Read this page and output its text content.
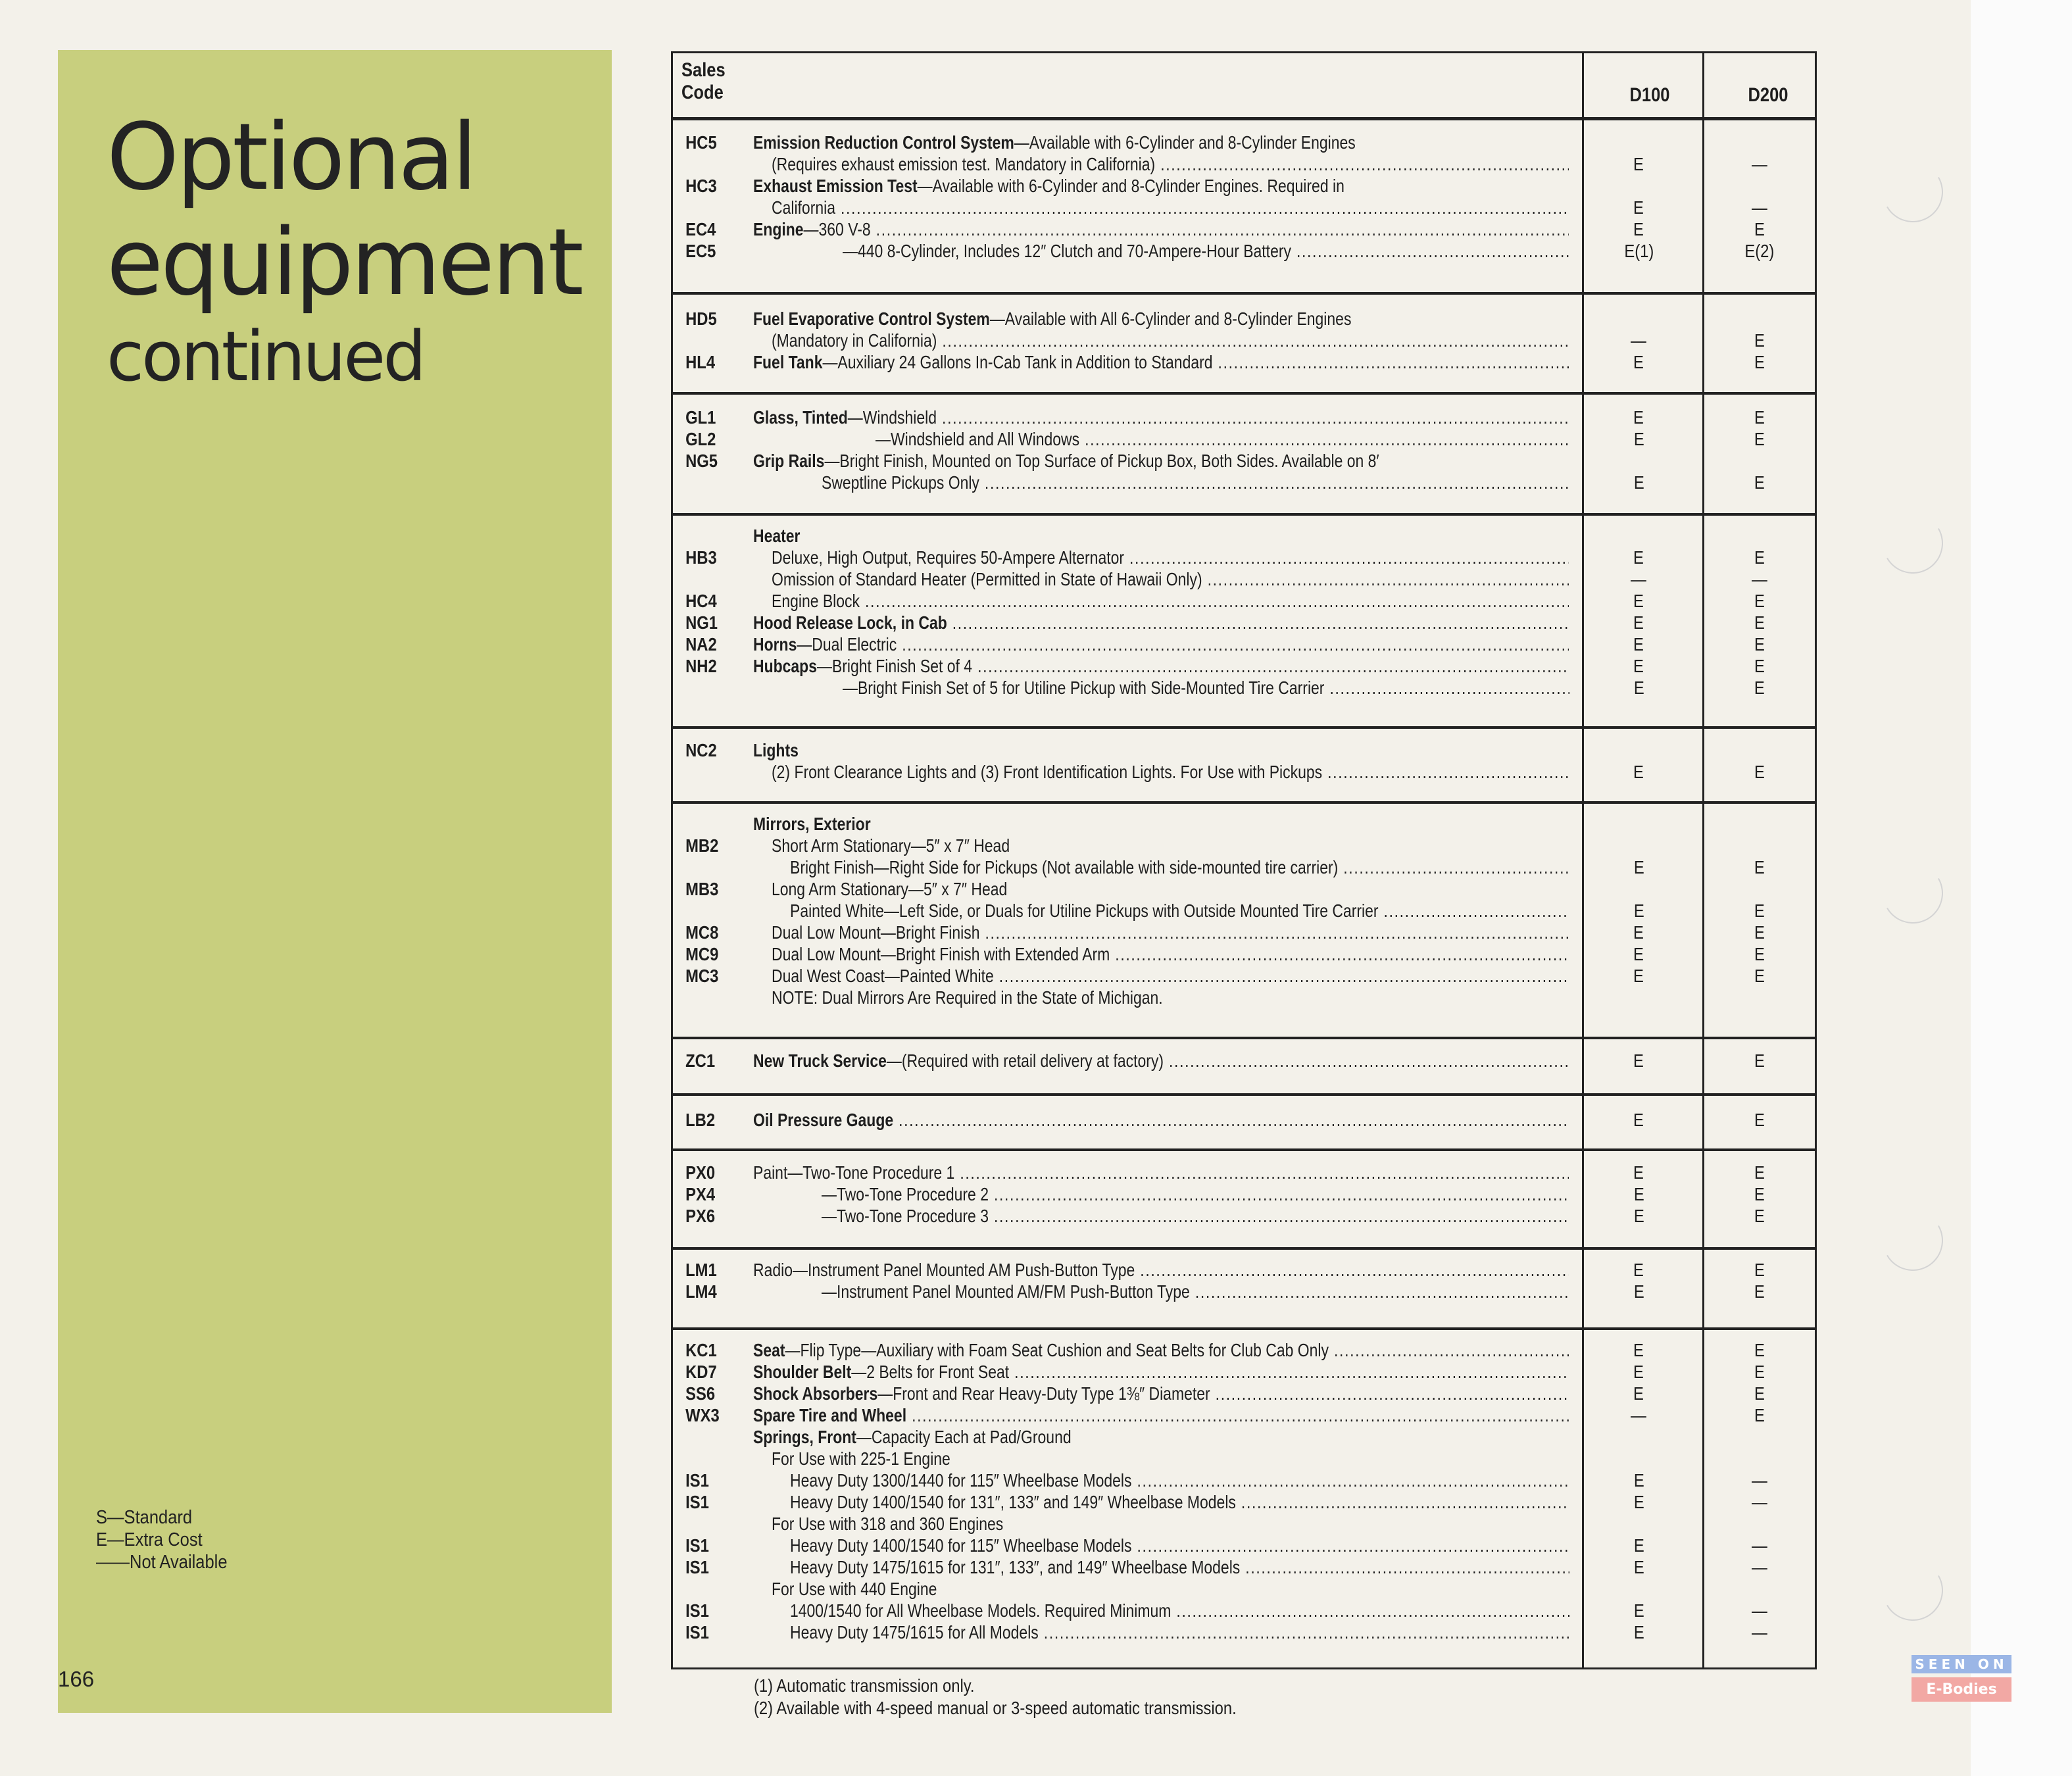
Optional
equipment
continued
S—Standard
E—Extra Cost
——Not Available
166
Sales
Code	D100	D200
HC5	Emission Reduction Control System—Available with 6-Cylinder and 8-Cylinder Engines
(Requires exhaust emission test. Mandatory in California) .....	E	—
HC3	Exhaust Emission Test—Available with 6-Cylinder and 8-Cylinder Engines. Required in
California .....	E	—
EC4	Engine—360 V-8 .....	E	E
EC5	—440 8-Cylinder, Includes 12″ Clutch and 70-Ampere-Hour Battery .....	E(1)	E(2)
HD5	Fuel Evaporative Control System—Available with All 6-Cylinder and 8-Cylinder Engines
(Mandatory in California) .....	—	E
HL4	Fuel Tank—Auxiliary 24 Gallons In-Cab Tank in Addition to Standard .....	E	E
GL1	Glass, Tinted—Windshield .....	E	E
GL2	—Windshield and All Windows .....	E	E
NG5	Grip Rails—Bright Finish, Mounted on Top Surface of Pickup Box, Both Sides. Available on 8′
Sweptline Pickups Only .....	E	E
Heater
HB3	Deluxe, High Output, Requires 50-Ampere Alternator .....	E	E
Omission of Standard Heater (Permitted in State of Hawaii Only) .....	—	—
HC4	Engine Block .....	E	E
NG1	Hood Release Lock, in Cab .....	E	E
NA2	Horns—Dual Electric .....	E	E
NH2	Hubcaps—Bright Finish Set of 4 .....	E	E
—Bright Finish Set of 5 for Utiline Pickup with Side-Mounted Tire Carrier .....	E	E
NC2	Lights
(2) Front Clearance Lights and (3) Front Identification Lights. For Use with Pickups .....	E	E
Mirrors, Exterior
MB2	Short Arm Stationary—5″ x 7″ Head
Bright Finish—Right Side for Pickups (Not available with side-mounted tire carrier) .....	E	E
MB3	Long Arm Stationary—5″ x 7″ Head
Painted White—Left Side, or Duals for Utiline Pickups with Outside Mounted Tire Carrier .....	E	E
MC8	Dual Low Mount—Bright Finish .....	E	E
MC9	Dual Low Mount—Bright Finish with Extended Arm .....	E	E
MC3	Dual West Coast—Painted White .....	E	E
NOTE: Dual Mirrors Are Required in the State of Michigan.
ZC1	New Truck Service—(Required with retail delivery at factory) .....	E	E
LB2	Oil Pressure Gauge .....	E	E
PX0	Paint—Two-Tone Procedure 1 .....	E	E
PX4	—Two-Tone Procedure 2 .....	E	E
PX6	—Two-Tone Procedure 3 .....	E	E
LM1	Radio—Instrument Panel Mounted AM Push-Button Type .....	E	E
LM4	—Instrument Panel Mounted AM/FM Push-Button Type .....	E	E
KC1	Seat—Flip Type—Auxiliary with Foam Seat Cushion and Seat Belts for Club Cab Only .....	E	E
KD7	Shoulder Belt—2 Belts for Front Seat .....	E	E
SS6	Shock Absorbers—Front and Rear Heavy-Duty Type 1⅜″ Diameter .....	E	E
WX3	Spare Tire and Wheel .....	—	E
Springs, Front—Capacity Each at Pad/Ground
For Use with 225-1 Engine
IS1	Heavy Duty 1300/1440 for 115″ Wheelbase Models .....	E	—
IS1	Heavy Duty 1400/1540 for 131″, 133″ and 149″ Wheelbase Models .....	E	—
For Use with 318 and 360 Engines
IS1	Heavy Duty 1400/1540 for 115″ Wheelbase Models .....	E	—
IS1	Heavy Duty 1475/1615 for 131″, 133″, and 149″ Wheelbase Models .....	E	—
For Use with 440 Engine
IS1	1400/1540 for All Wheelbase Models. Required Minimum .....	E	—
IS1	Heavy Duty 1475/1615 for All Models .....	E	—
(1) Automatic transmission only.
(2) Available with 4-speed manual or 3-speed automatic transmission.
SEEN ON
E-Bodies
